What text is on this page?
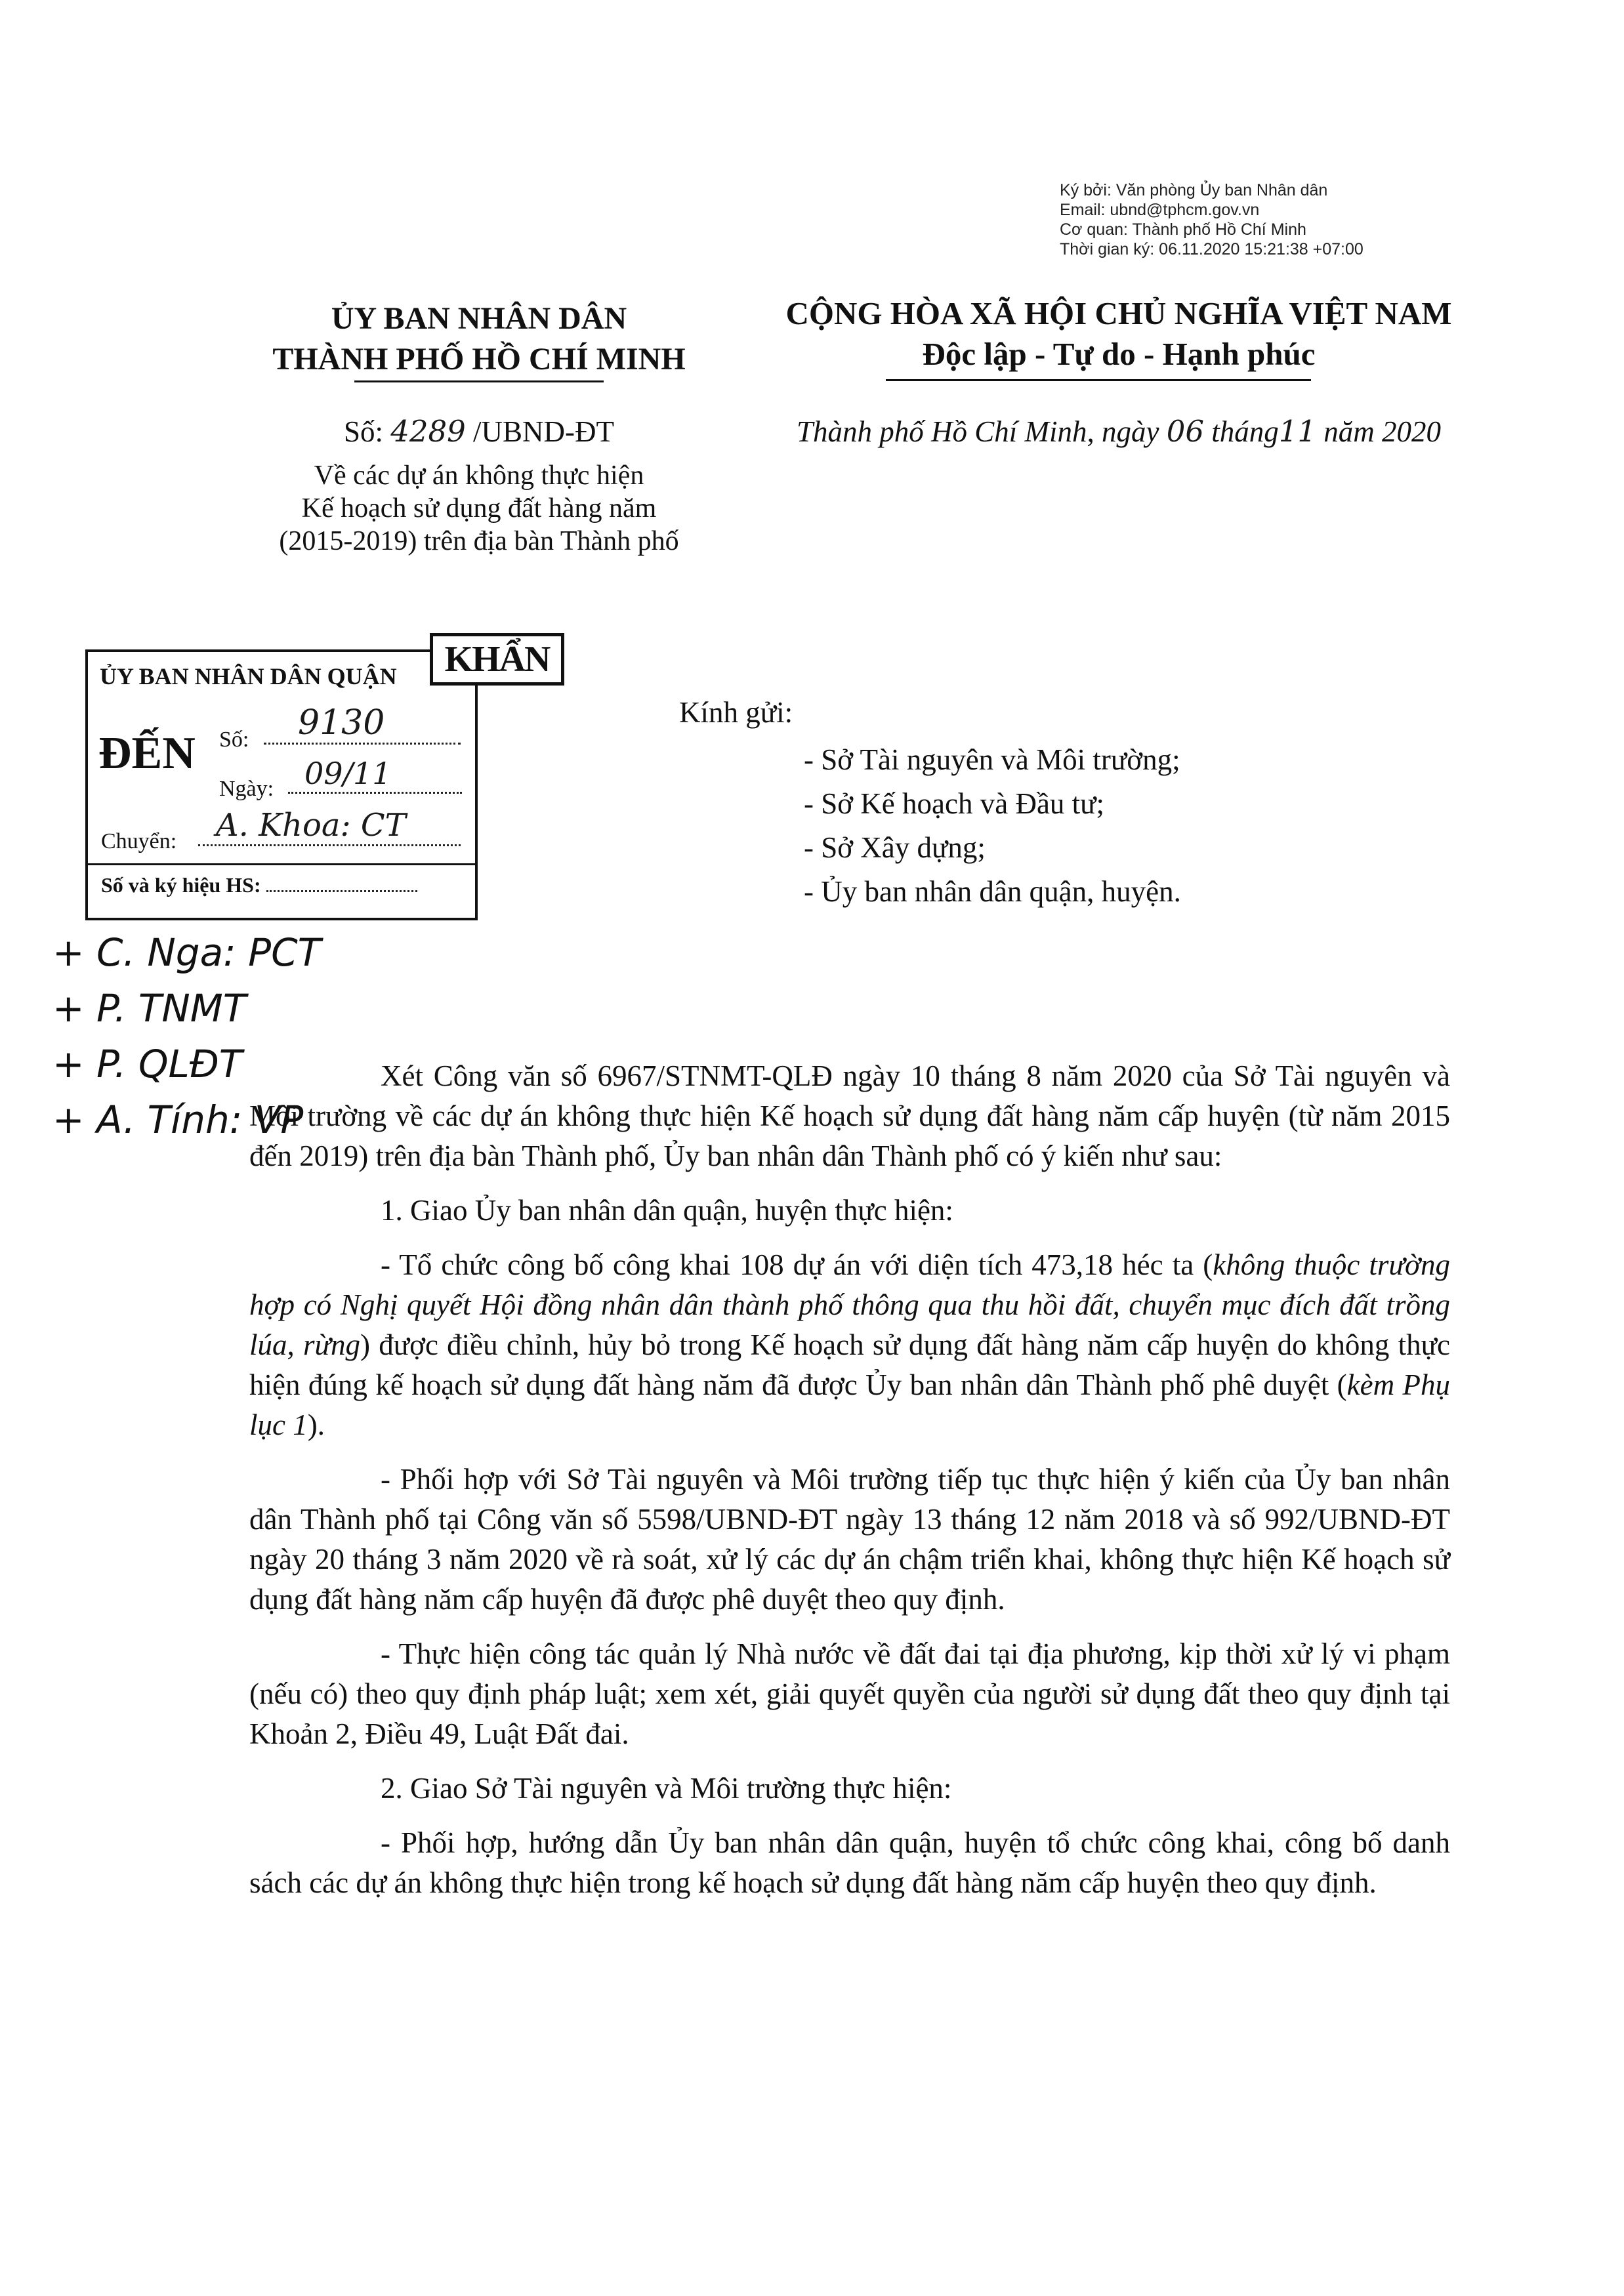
Ký bởi: Văn phòng Ủy ban Nhân dân
Email: ubnd@tphcm.gov.vn
Cơ quan: Thành phố Hồ Chí Minh
Thời gian ký: 06.11.2020 15:21:38 +07:00
ỦY BAN NHÂN DÂN
THÀNH PHỐ HỒ CHÍ MINH
CỘNG HÒA XÃ HỘI CHỦ NGHĨA VIỆT NAM
Độc lập - Tự do - Hạnh phúc
Số: 4289 /UBND-ĐT
Về các dự án không thực hiện
Kế hoạch sử dụng đất hàng năm
(2015-2019) trên địa bàn Thành phố
Thành phố Hồ Chí Minh, ngày 06 tháng11 năm 2020
ỦY BAN NHÂN DÂN QUẬN
ĐẾN Số: 9130
Ngày: 09/11
Chuyển: A. Khoa: CT
Số và ký hiệu HS:
KHẨN
+ C. Nga: PCT
+ P. TNMT
+ P. QLĐT
+ A. Tính: VP
Kính gửi:
- Sở Tài nguyên và Môi trường;
- Sở Kế hoạch và Đầu tư;
- Sở Xây dựng;
- Ủy ban nhân dân quận, huyện.

Xét Công văn số 6967/STNMT-QLĐ ngày 10 tháng 8 năm 2020 của Sở Tài nguyên và Môi trường về các dự án không thực hiện Kế hoạch sử dụng đất hàng năm cấp huyện (từ năm 2015 đến 2019) trên địa bàn Thành phố, Ủy ban nhân dân Thành phố có ý kiến như sau:

1. Giao Ủy ban nhân dân quận, huyện thực hiện:

- Tổ chức công bố công khai 108 dự án với diện tích 473,18 héc ta (không thuộc trường hợp có Nghị quyết Hội đồng nhân dân thành phố thông qua thu hồi đất, chuyển mục đích đất trồng lúa, rừng) được điều chỉnh, hủy bỏ trong Kế hoạch sử dụng đất hàng năm cấp huyện do không thực hiện đúng kế hoạch sử dụng đất hàng năm đã được Ủy ban nhân dân Thành phố phê duyệt (kèm Phụ lục 1).

- Phối hợp với Sở Tài nguyên và Môi trường tiếp tục thực hiện ý kiến của Ủy ban nhân dân Thành phố tại Công văn số 5598/UBND-ĐT ngày 13 tháng 12 năm 2018 và số 992/UBND-ĐT ngày 20 tháng 3 năm 2020 về rà soát, xử lý các dự án chậm triển khai, không thực hiện Kế hoạch sử dụng đất hàng năm cấp huyện đã được phê duyệt theo quy định.

- Thực hiện công tác quản lý Nhà nước về đất đai tại địa phương, kịp thời xử lý vi phạm (nếu có) theo quy định pháp luật; xem xét, giải quyết quyền của người sử dụng đất theo quy định tại Khoản 2, Điều 49, Luật Đất đai.

2. Giao Sở Tài nguyên và Môi trường thực hiện:

- Phối hợp, hướng dẫn Ủy ban nhân dân quận, huyện tổ chức công khai, công bố danh sách các dự án không thực hiện trong kế hoạch sử dụng đất hàng năm cấp huyện theo quy định.
